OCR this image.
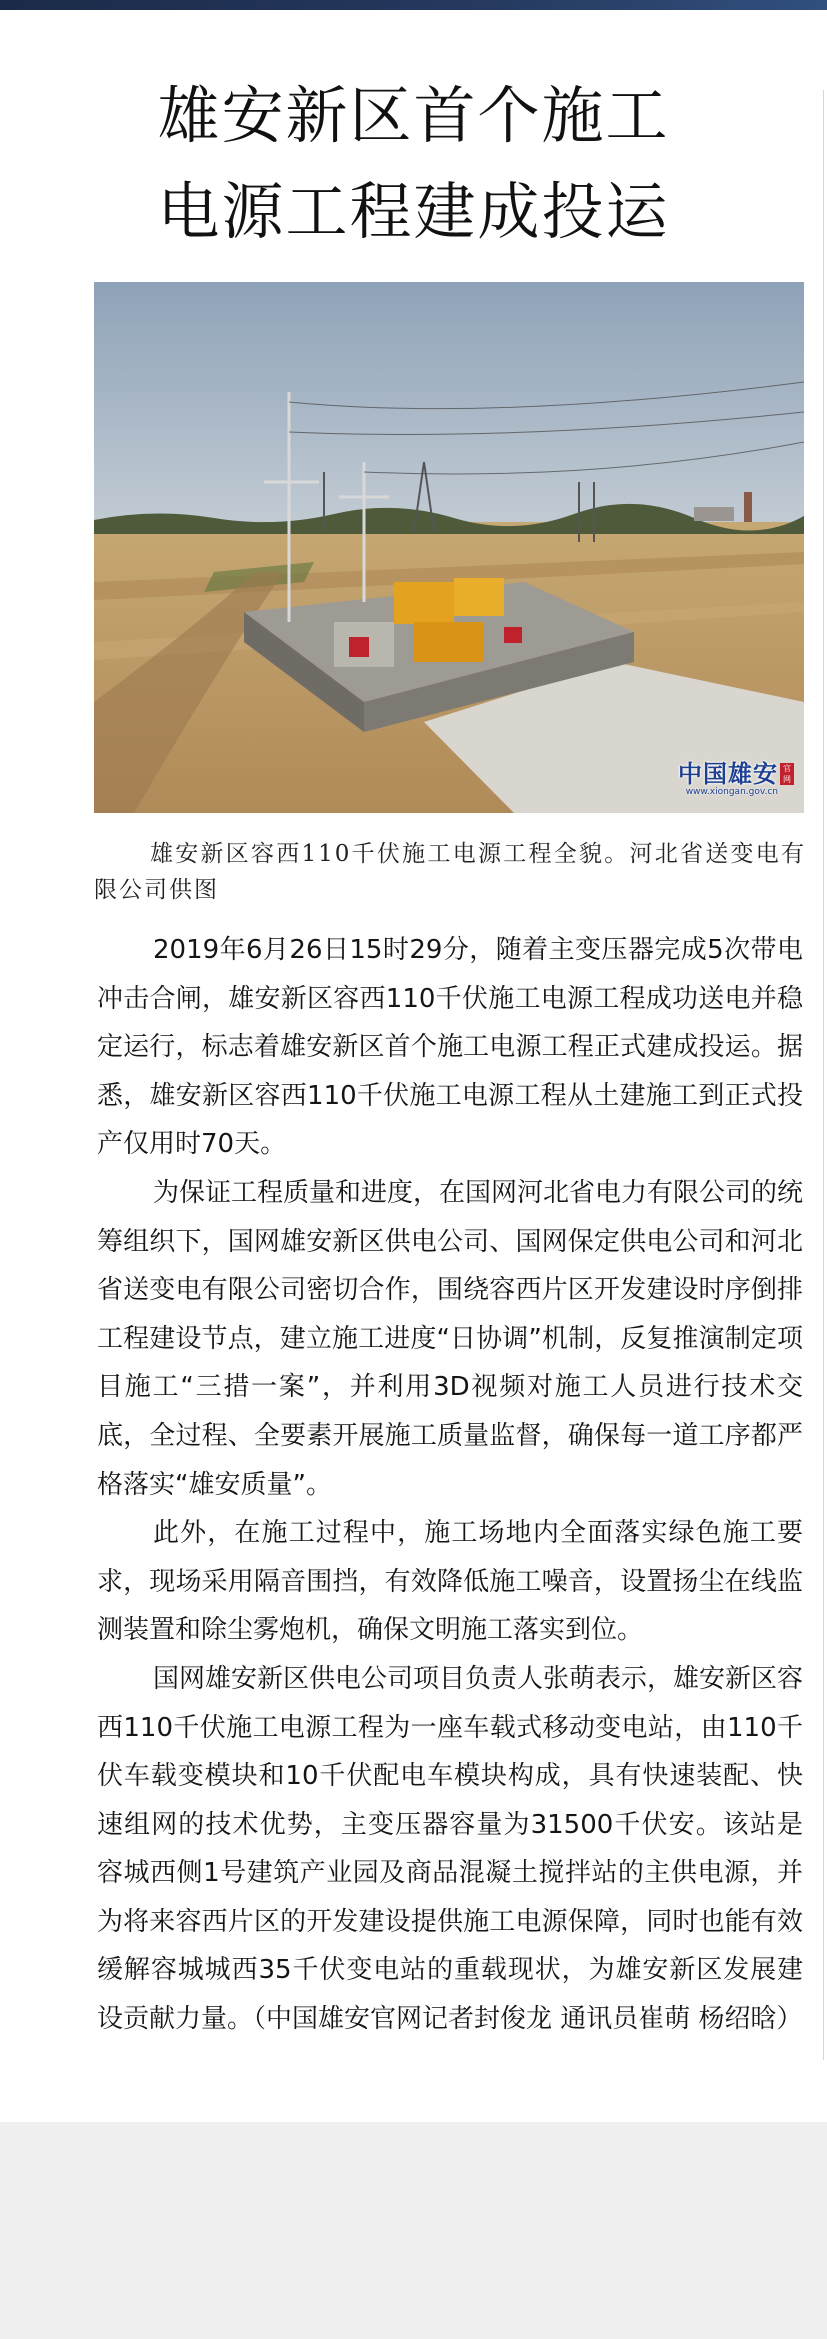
雄安新区首个施工
电源工程建成投运
中国雄安 官网
www.xiongan.gov.cn
雄安新区容西110千伏施工电源工程全貌。河北省送变电有限公司供图

2019年6月26日15时29分，随着主变压器完成5次带电冲击合闸，雄安新区容西110千伏施工电源工程成功送电并稳定运行，标志着雄安新区首个施工电源工程正式建成投运。据悉，雄安新区容西110千伏施工电源工程从土建施工到正式投产仅用时70天。

为保证工程质量和进度，在国网河北省电力有限公司的统筹组织下，国网雄安新区供电公司、国网保定供电公司和河北省送变电有限公司密切合作，围绕容西片区开发建设时序倒排工程建设节点，建立施工进度“日协调”机制，反复推演制定项目施工“三措一案”，并利用3D视频对施工人员进行技术交底，全过程、全要素开展施工质量监督，确保每一道工序都严格落实“雄安质量”。

此外，在施工过程中，施工场地内全面落实绿色施工要求，现场采用隔音围挡，有效降低施工噪音，设置扬尘在线监测装置和除尘雾炮机，确保文明施工落实到位。

国网雄安新区供电公司项目负责人张萌表示，雄安新区容西110千伏施工电源工程为一座车载式移动变电站，由110千伏车载变模块和10千伏配电车模块构成，具有快速装配、快速组网的技术优势，主变压器容量为31500千伏安。该站是容城西侧1号建筑产业园及商品混凝土搅拌站的主供电源，并为将来容西片区的开发建设提供施工电源保障，同时也能有效缓解容城城西35千伏变电站的重载现状，为雄安新区发展建设贡献力量。（中国雄安官网记者封俊龙 通讯员崔萌 杨绍晗）
